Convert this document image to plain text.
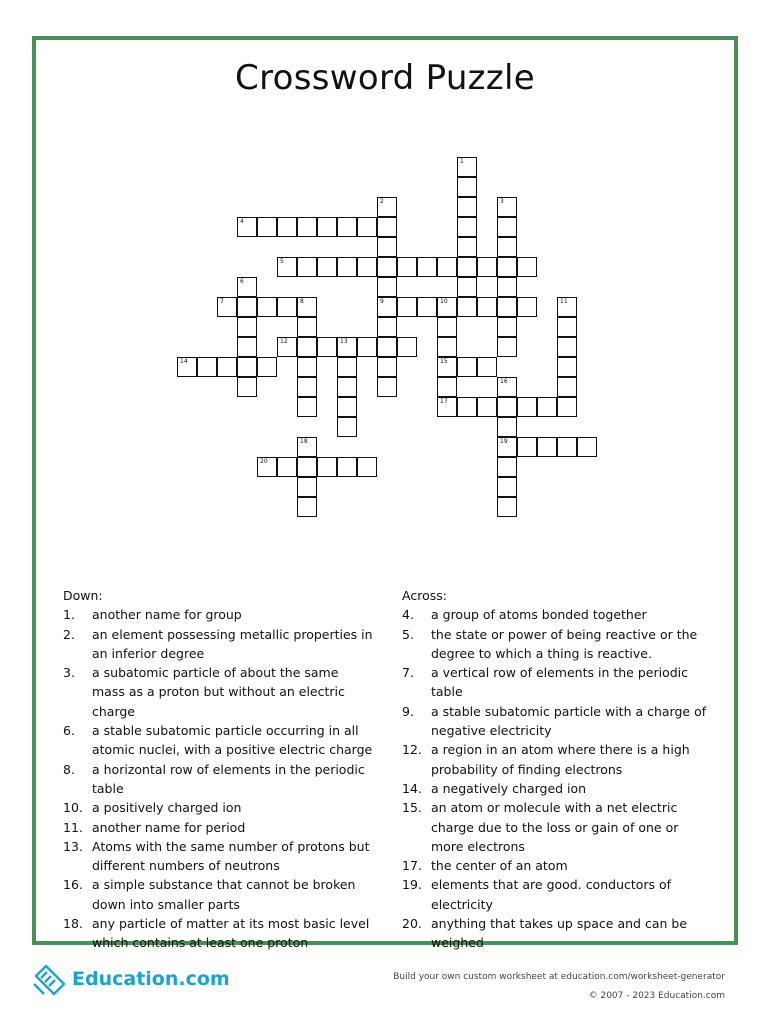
Crossword Puzzle
1
2
9
3
4
5
6
7	8	10
15
17
11
12	13
14
16
19
18
20
Down:
1.	another name for group
2.	an element possessing metallic properties in an inferior degree
3.	a subatomic particle of about the same mass as a proton but without an electric charge
6.	a stable subatomic particle occurring in all atomic nuclei, with a positive electric charge
8.	a horizontal row of elements in the periodic table
10. a positively charged ion
11. another name for period
13. Atoms with the same number of protons but different numbers of neutrons
16. a simple substance that cannot be broken down into smaller parts
18. any particle of matter at its most basic level which contains at least one proton
Across:
4.	a group of atoms bonded together
5.	the state or power of being reactive or the degree to which a thing is reactive.
7.	a vertical row of elements in the periodic table
9.	a stable subatomic particle with a charge of negative electricity
12. a region in an atom where there is a high probability of finding electrons
14. a negatively charged ion
15. an atom or molecule with a net electric charge due to the loss or gain of one or more electrons
17. the center of an atom
19. elements that are good. conductors of electricity
20. anything that takes up space and can be weighed
Education.com	Build your own custom worksheet at education.com/worksheet-generator
© 2007 - 2023 Education.com
